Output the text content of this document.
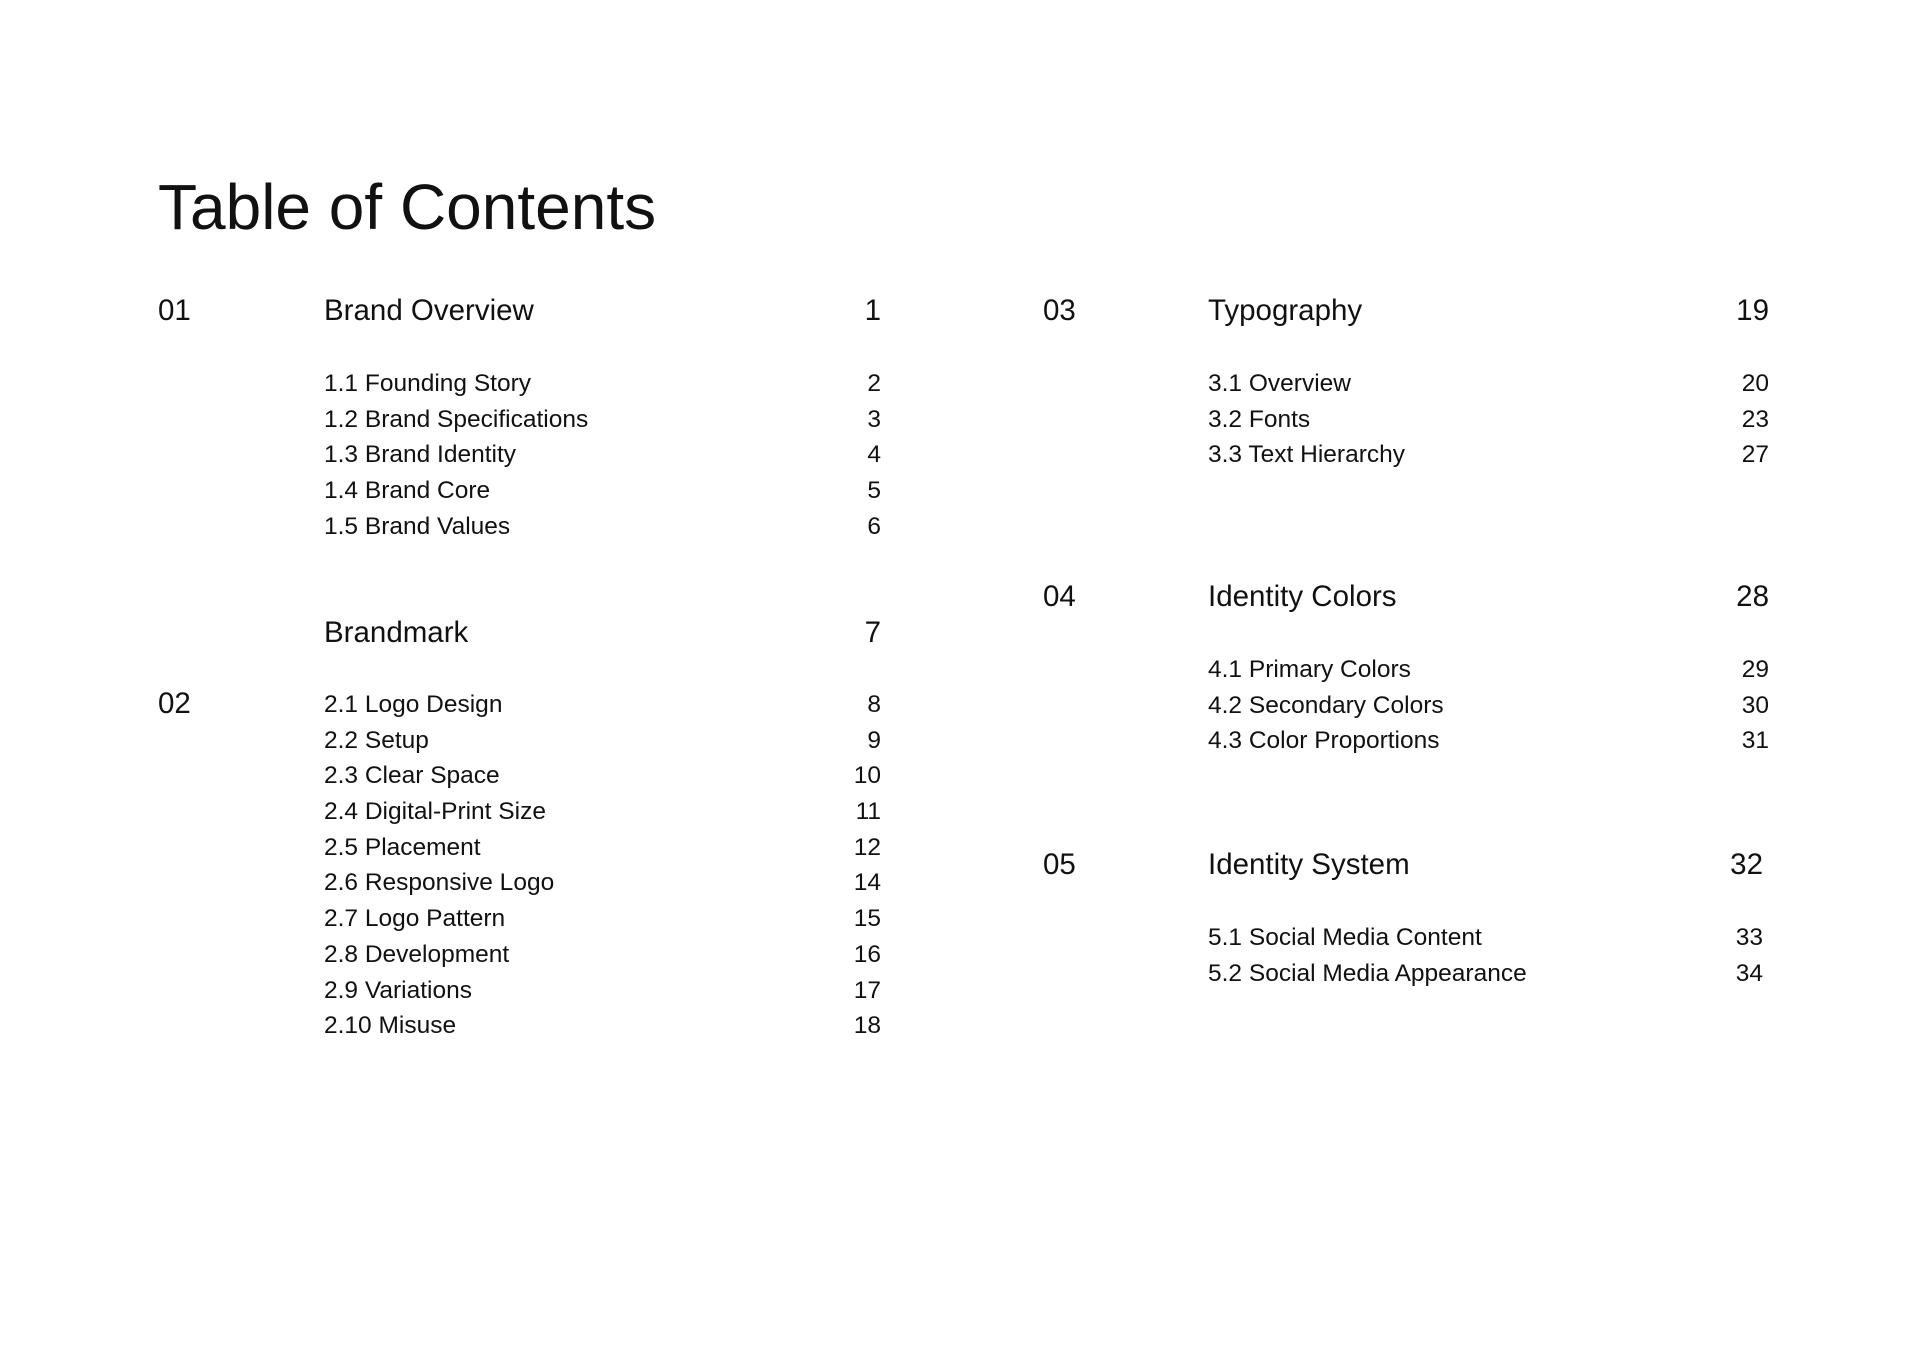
Table of Contents
01	Brand Overview	1
1.1 Founding Story	2
1.2 Brand Specifications	3
1.3 Brand Identity	4
1.4 Brand Core	5
1.5 Brand Values	6
02
Brandmark	7
2.1 Logo Design	8
2.2 Setup	9
2.3 Clear Space	10
2.4 Digital-Print Size	11
2.5 Placement	12
2.6 Responsive Logo	14
2.7 Logo Pattern	15
2.8 Development	16
2.9 Variations	17
2.10 Misuse	18
03	Typography	19
3.1 Overview	20
3.2 Fonts	23
3.3 Text Hierarchy	27
04	Identity Colors	28
4.1 Primary Colors	29
4.2 Secondary Colors	30
4.3 Color Proportions	31
05	Identity System	32
5.1 Social Media Content	33
5.2 Social Media Appearance	34
